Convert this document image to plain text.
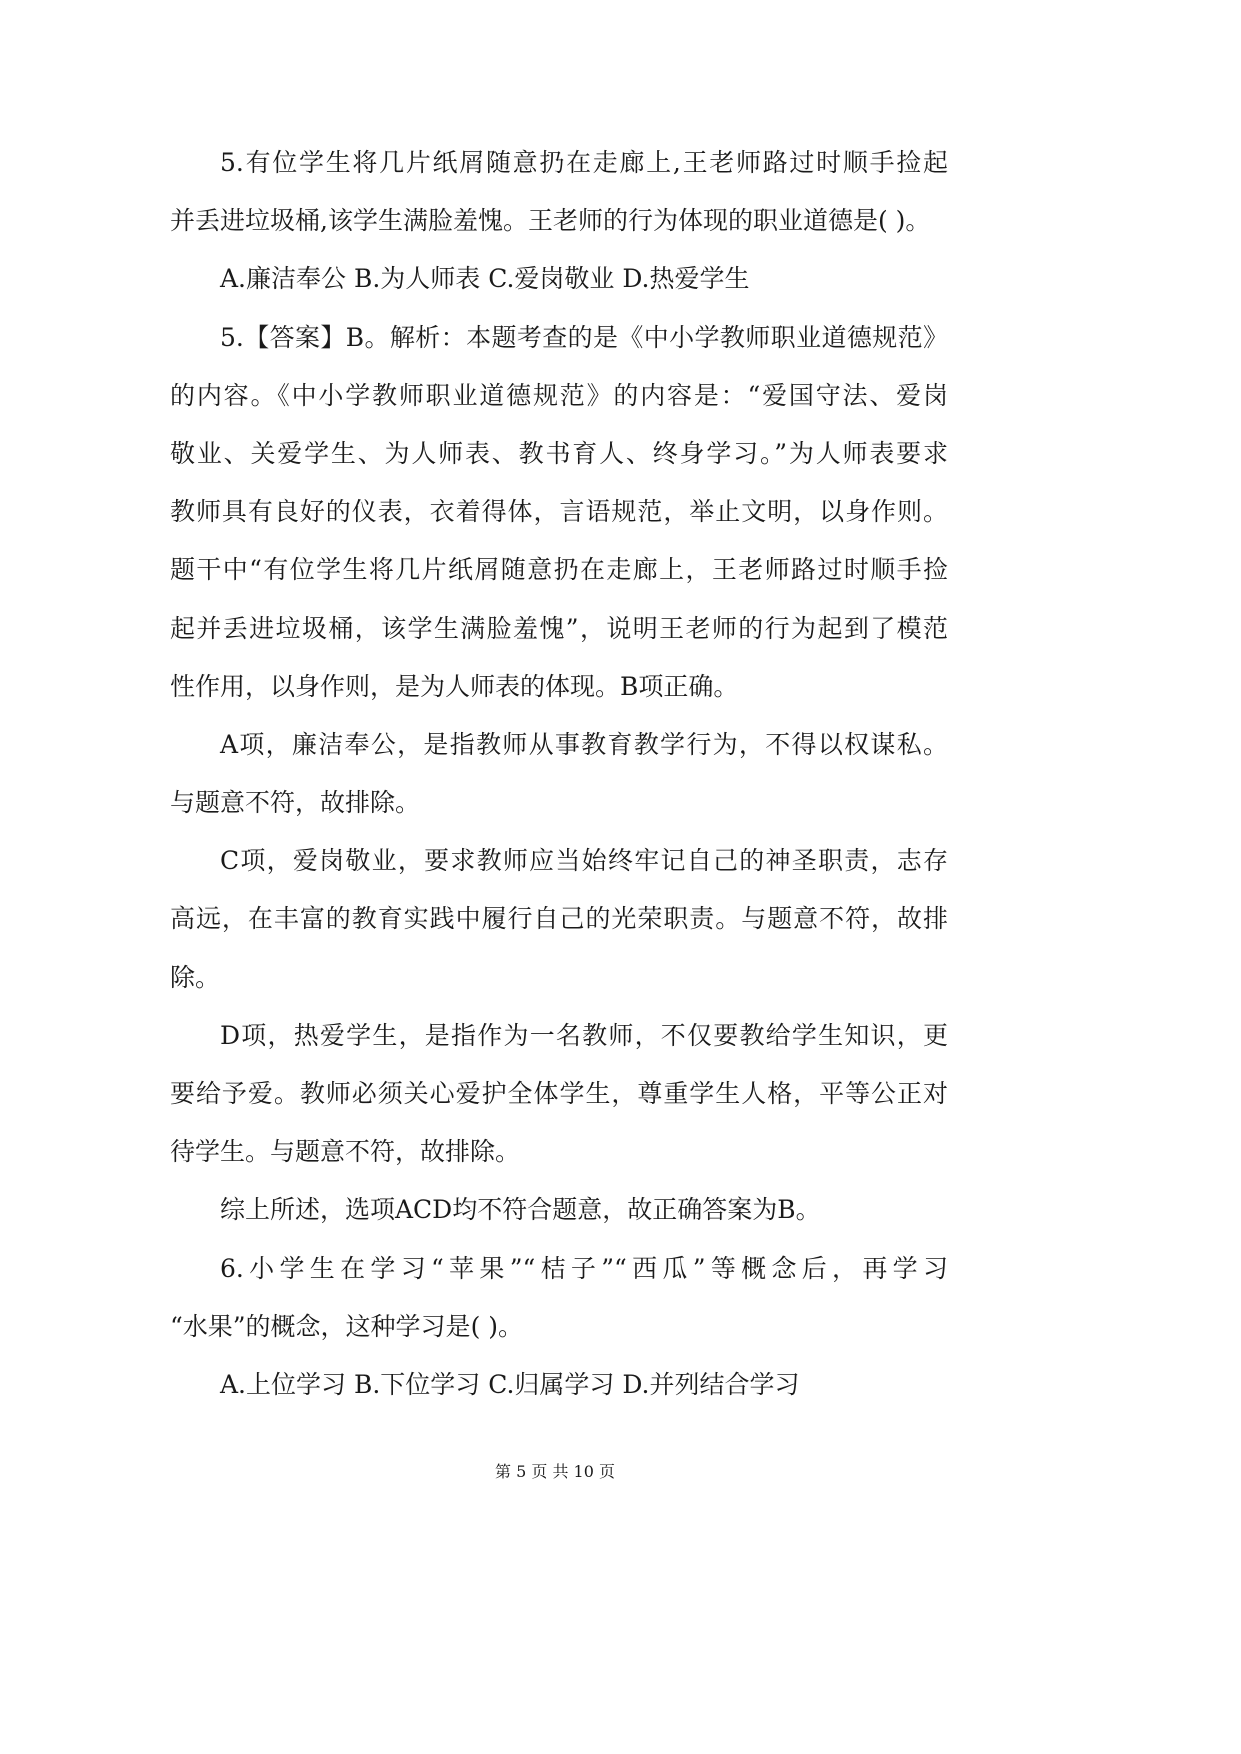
5.有位学生将几片纸屑随意扔在走廊上,王老师路过时顺手捡起
并丢进垃圾桶,该学生满脸羞愧。王老师的行为体现的职业道德是( )。
A.廉洁奉公 B.为人师表 C.爱岗敬业 D.热爱学生
5.【答案】B。解析：本题考查的是《中小学教师职业道德规范》
的内容。《中小学教师职业道德规范》的内容是：“爱国守法、爱岗
敬业、关爱学生、为人师表、教书育人、终身学习。”为人师表要求
教师具有良好的仪表，衣着得体，言语规范，举止文明，以身作则。
题干中“有位学生将几片纸屑随意扔在走廊上，王老师路过时顺手捡
起并丢进垃圾桶，该学生满脸羞愧”，说明王老师的行为起到了模范
性作用，以身作则，是为人师表的体现。B项正确。
A项，廉洁奉公，是指教师从事教育教学行为，不得以权谋私。
与题意不符，故排除。
C项，爱岗敬业，要求教师应当始终牢记自己的神圣职责，志存
高远，在丰富的教育实践中履行自己的光荣职责。与题意不符，故排
除。
D项，热爱学生，是指作为一名教师，不仅要教给学生知识，更
要给予爱。教师必须关心爱护全体学生，尊重学生人格，平等公正对
待学生。与题意不符，故排除。
综上所述，选项ACD均不符合题意，故正确答案为B。
6.小学生在学习“苹果”“桔子”“西瓜”等概念后，再学习
“水果”的概念，这种学习是( )。
A.上位学习 B.下位学习 C.归属学习 D.并列结合学习
第 5 页 共 10 页
